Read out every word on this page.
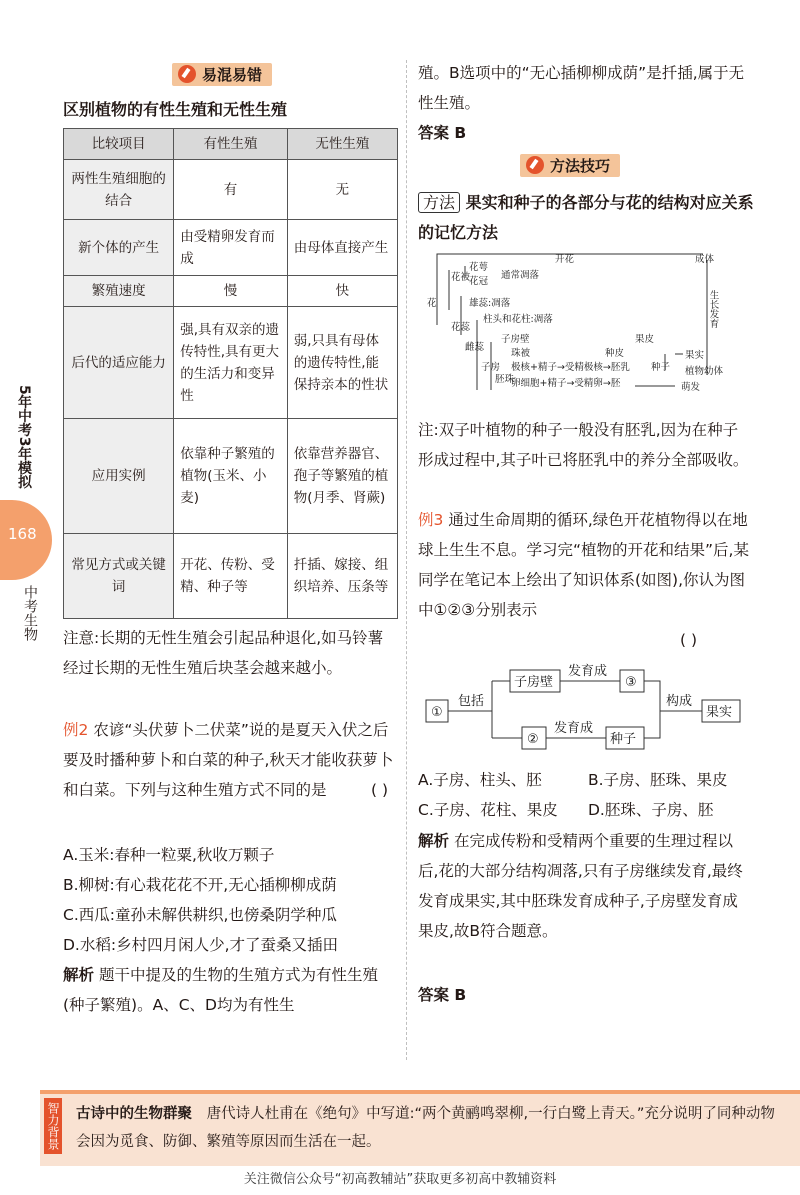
5年中考3年模拟
168
中考生物
易混易错
区别植物的有性生殖和无性生殖
比较项目	有性生殖	无性生殖
两性生殖细胞的结合	有	无
新个体的产生	由受精卵发育而成	由母体直接产生
繁殖速度	慢	快
后代的适应能力	强,具有双亲的遗传特性,具有更大的生活力和变异性	弱,只具有母体的遗传特性,能保持亲本的性状
应用实例	依靠种子繁殖的植物(玉米、小麦)	依靠营养器官、孢子等繁殖的植物(月季、肾蕨)
常见方式或关键词	开花、传粉、受精、种子等	扦插、嫁接、组织培养、压条等
注意:长期的无性生殖会引起品种退化,如马铃薯经过长期的无性生殖后块茎会越来越小。
例2 农谚“头伏萝卜二伏菜”说的是夏天入伏之后要及时播种萝卜和白菜的种子,秋天才能收获萝卜和白菜。下列与这种生殖方式不同的是	( )
A.玉米:春种一粒粟,秋收万颗子
B.柳树:有心栽花花不开,无心插柳柳成荫
C.西瓜:童孙未解供耕织,也傍桑阴学种瓜
D.水稻:乡村四月闲人少,才了蚕桑又插田
解析 题干中提及的生物的生殖方式为有性生殖(种子繁殖)。A、C、D均为有性生
殖。B选项中的“无心插柳柳成荫”是扦插,属于无性生殖。
答案 B
方法技巧
方法 果实和种子的各部分与花的结构对应关系的记忆方法
开花	成体
花
花萼
花冠
通常凋落
花被
花蕊
雄蕊:凋落
雌蕊
柱头和花柱:凋落
子房
子房壁	果皮
珠被	种皮
胚珠
极核+精子→受精极核→胚乳
卵细胞+精子→受精卵→胚
种子
果实
植物幼体
萌发
生长发育
注:双子叶植物的种子一般没有胚乳,因为在种子形成过程中,其子叶已将胚乳中的养分全部吸收。
例3 通过生命周期的循环,绿色开花植物得以在地球上生生不息。学习完“植物的开花和结果”后,某同学在笔记本上绘出了知识体系(如图),你认为图中①②③分别表示
( )
①
包括
子房壁
发育成
③
②
发育成
种子
构成
果实
A.子房、柱头、胚	B.子房、胚珠、果皮
C.子房、花柱、果皮	D.胚珠、子房、胚
解析 在完成传粉和受精两个重要的生理过程以后,花的大部分结构凋落,只有子房继续发育,最终发育成果实,其中胚珠发育成种子,子房壁发育成果皮,故B符合题意。
答案 B
智力背景 古诗中的生物群聚 唐代诗人杜甫在《绝句》中写道:“两个黄鹂鸣翠柳,一行白鹭上青天。”充分说明了同种动物会因为觅食、防御、繁殖等原因而生活在一起。
关注微信公众号“初高教辅站”获取更多初高中教辅资料
